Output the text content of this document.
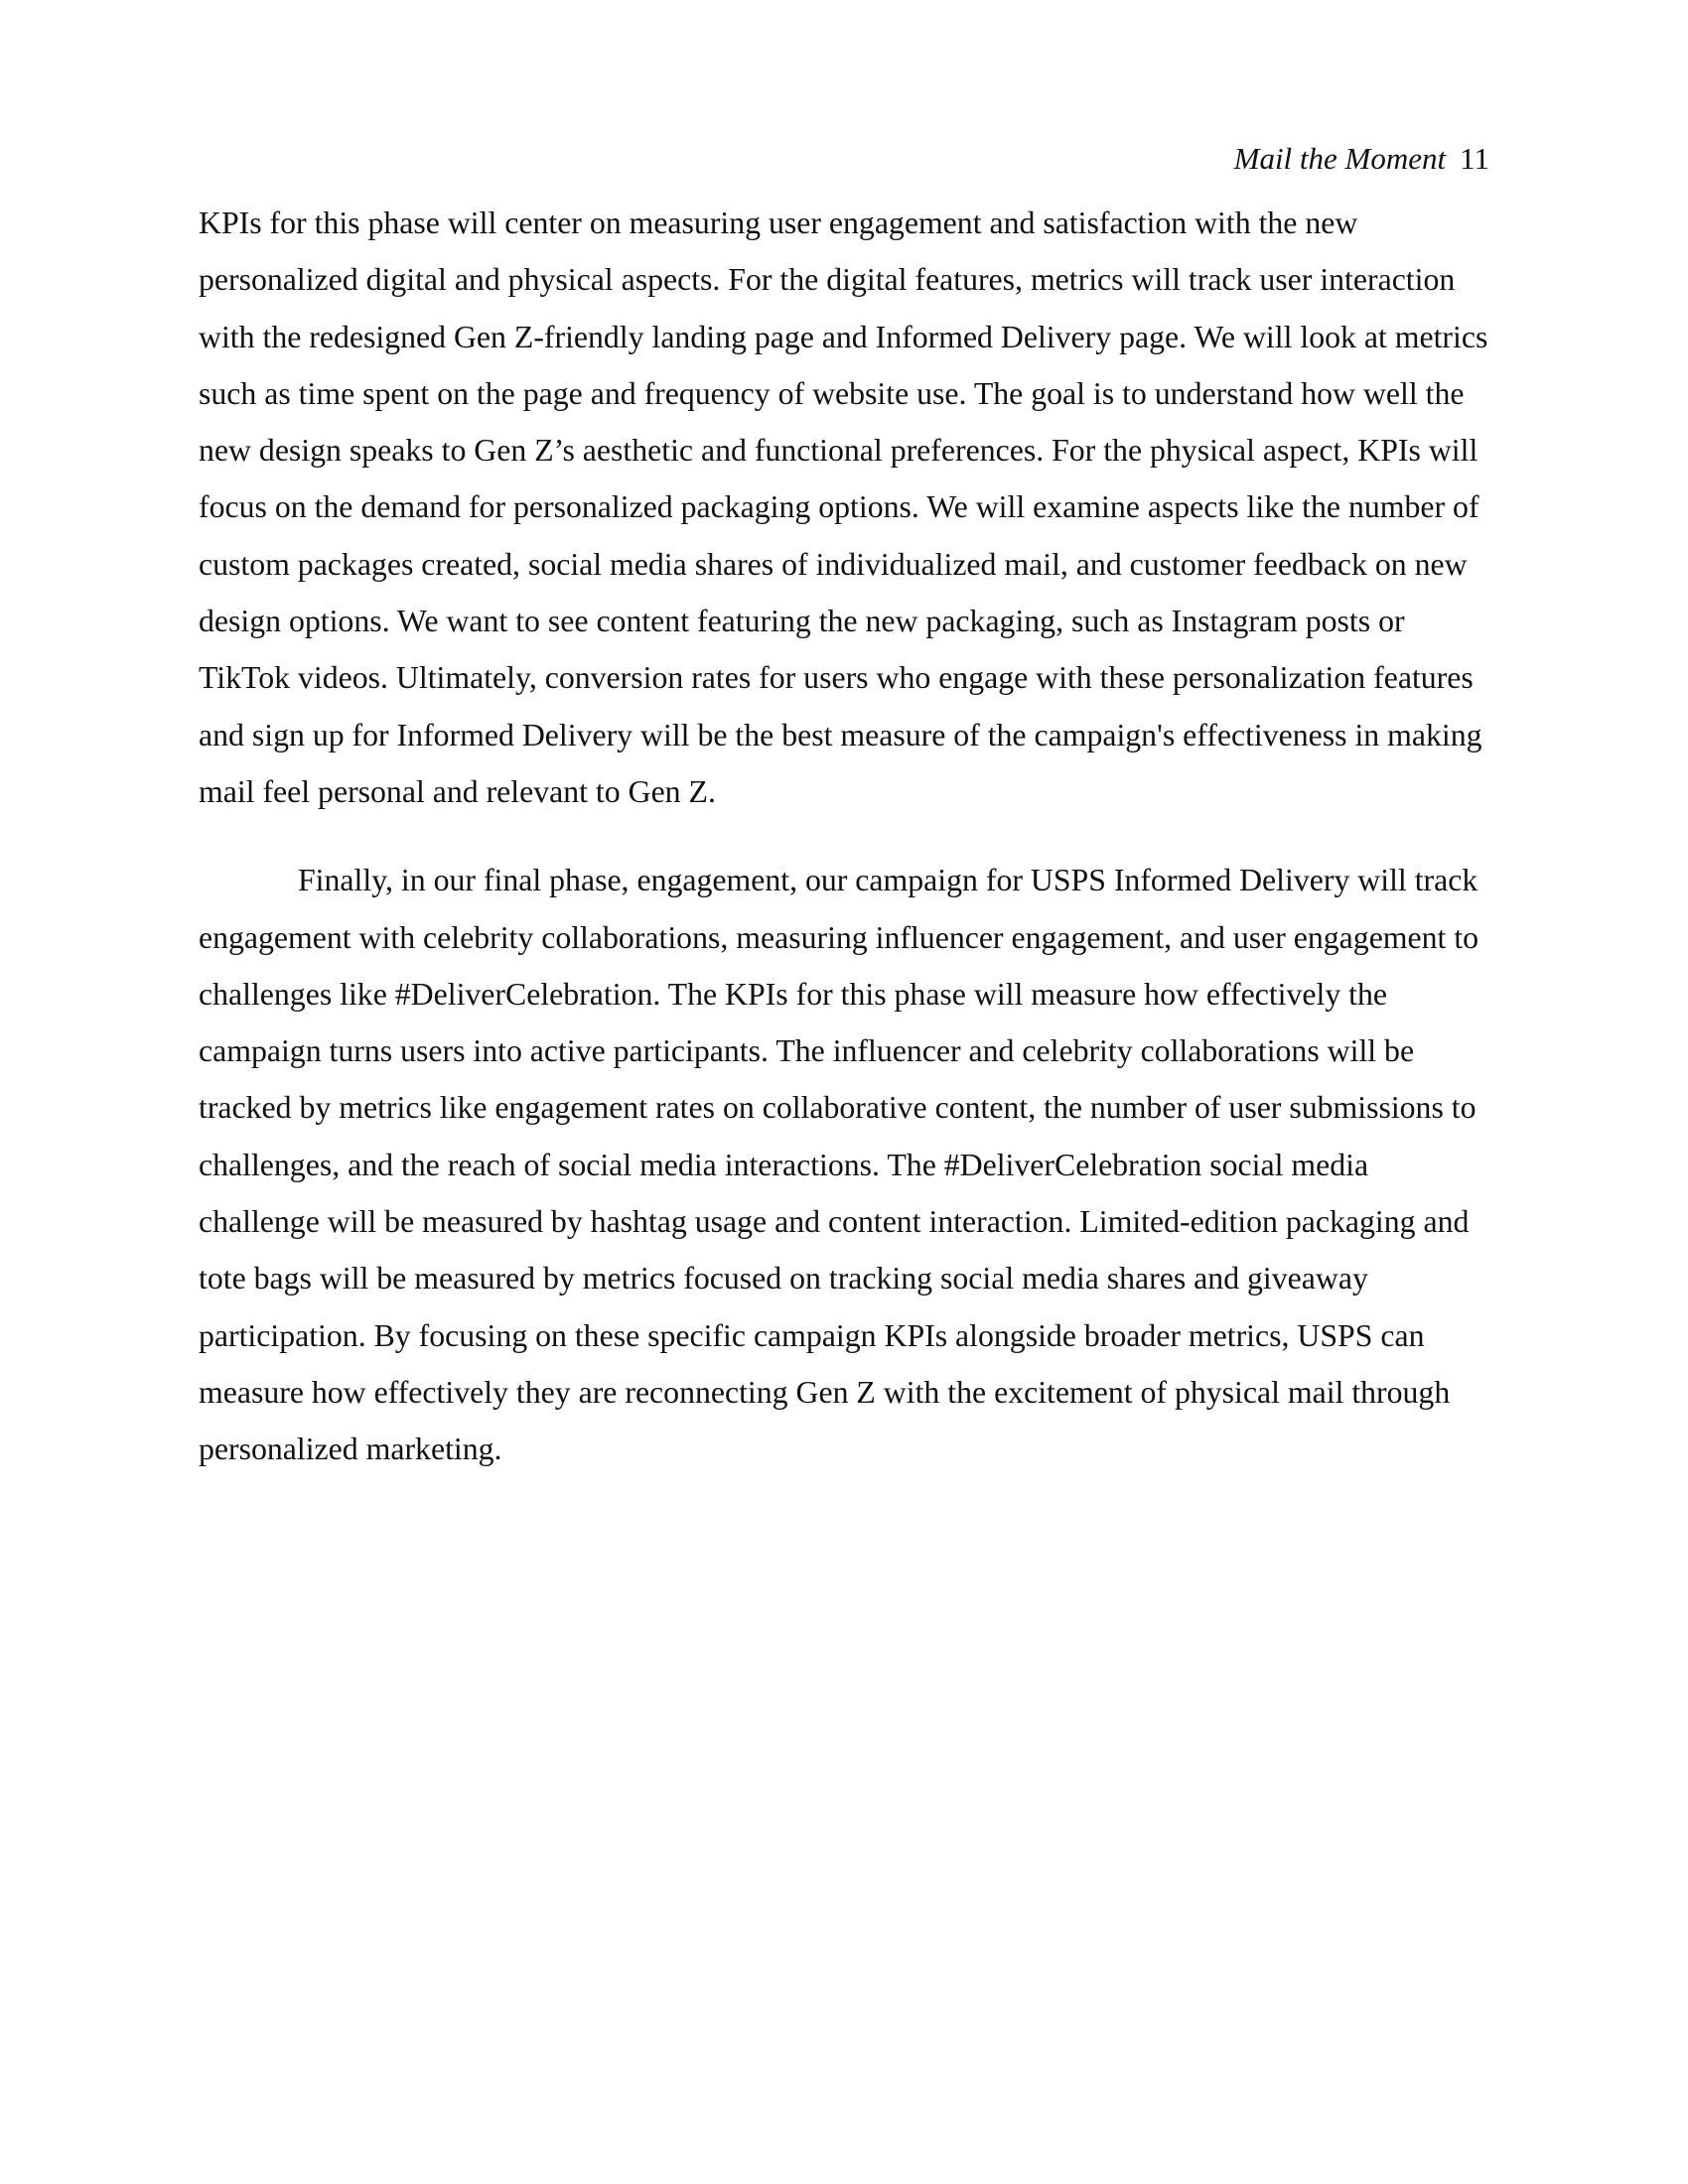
Mail the Moment 11

KPIs for this phase will center on measuring user engagement and satisfaction with the new personalized digital and physical aspects. For the digital features, metrics will track user interaction with the redesigned Gen Z-friendly landing page and Informed Delivery page. We will look at metrics such as time spent on the page and frequency of website use. The goal is to understand how well the new design speaks to Gen Z’s aesthetic and functional preferences. For the physical aspect, KPIs will focus on the demand for personalized packaging options. We will examine aspects like the number of custom packages created, social media shares of individualized mail, and customer feedback on new design options. We want to see content featuring the new packaging, such as Instagram posts or TikTok videos. Ultimately, conversion rates for users who engage with these personalization features and sign up for Informed Delivery will be the best measure of the campaign's effectiveness in making mail feel personal and relevant to Gen Z.

Finally, in our final phase, engagement, our campaign for USPS Informed Delivery will track engagement with celebrity collaborations, measuring influencer engagement, and user engagement to challenges like #DeliverCelebration. The KPIs for this phase will measure how effectively the campaign turns users into active participants. The influencer and celebrity collaborations will be tracked by metrics like engagement rates on collaborative content, the number of user submissions to challenges, and the reach of social media interactions. The #DeliverCelebration social media challenge will be measured by hashtag usage and content interaction. Limited-edition packaging and tote bags will be measured by metrics focused on tracking social media shares and giveaway participation. By focusing on these specific campaign KPIs alongside broader metrics, USPS can measure how effectively they are reconnecting Gen Z with the excitement of physical mail through personalized marketing.
